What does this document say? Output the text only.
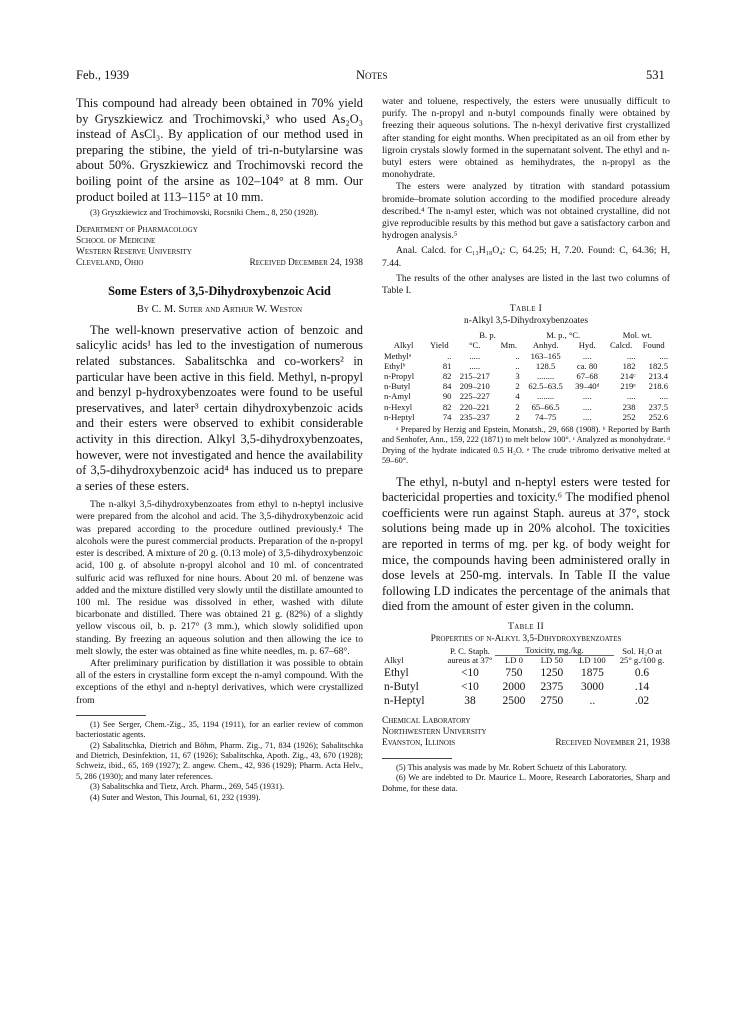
Feb., 1939	Notes	531

This compound had already been obtained in 70% yield by Gryszkiewicz and Trochimovski,³ who used As₂O₃ instead of AsCl₃. By application of our method used in preparing the stibine, the yield of tri-n-butylarsine was about 50%. Gryszkiewicz and Trochimovski record the boiling point of the arsine as 102–104° at 8 mm. Our product boiled at 113–115° at 10 mm.

(3) Gryszkiewicz and Trochimovski, Rocsniki Chem., 8, 250 (1928).

Department of Pharmacology
School of Medicine
Western Reserve University
Cleveland, Ohio	Received December 24, 1938
Some Esters of 3,5-Dihydroxybenzoic Acid
By C. M. Suter and Arthur W. Weston

The well-known preservative action of benzoic and salicylic acids¹ has led to the investigation of numerous related substances. Sabalitschka and co-workers² in particular have been active in this field. Methyl, n-propyl and benzyl p-hydroxybenzoates were found to be useful preservatives, and later³ certain dihydroxybenzoic acids and their esters were observed to exhibit considerable activity in this direction. Alkyl 3,5-dihydroxybenzoates, however, were not investigated and hence the availability of 3,5-dihydroxybenzoic acid⁴ has induced us to prepare a series of these esters.

The n-alkyl 3,5-dihydroxybenzoates from ethyl to n-heptyl inclusive were prepared from the alcohol and acid. The 3,5-dihydroxybenzoic acid was prepared according to the procedure outlined previously.⁴ The alcohols were the purest commercial products. Preparation of the n-propyl ester is described. A mixture of 20 g. (0.13 mole) of 3,5-dihydroxybenzoic acid, 100 g. of absolute n-propyl alcohol and 10 ml. of concentrated sulfuric acid was refluxed for nine hours. About 20 ml. of benzene was added and the mixture distilled very slowly until the distillate amounted to 100 ml. The residue was dissolved in ether, washed with dilute bicarbonate and distilled. There was obtained 21 g. (82%) of a slightly yellow viscous oil, b. p. 217° (3 mm.), which slowly solidified upon standing. By freezing an aqueous solution and then allowing the ice to melt slowly, the ester was obtained as fine white needles, m. p. 67–68°.

After preliminary purification by distillation it was possible to obtain all of the esters in crystalline form except the n-amyl compound. With the exceptions of the ethyl and n-heptyl derivatives, which were crystallized from

(1) See Serger, Chem.-Zig., 35, 1194 (1911), for an earlier review of common bacteriostatic agents.

(2) Sabalitschka, Dietrich and Böhm, Pharm. Zig., 71, 834 (1926); Sabalitschka and Dietrich, Desinfektion, 11, 67 (1926); Sabalitschka, Apoth. Zig., 43, 670 (1928); Schweiz, ibid., 65, 169 (1927); Z. angew. Chem., 42, 936 (1929); Pharm. Acta Helv., 5, 286 (1930); and many later references.

(3) Sabalitschka and Tietz, Arch. Pharm., 269, 545 (1931).

(4) Suter and Weston, This Journal, 61, 232 (1939).

water and toluene, respectively, the esters were unusually difficult to purify. The n-propyl and n-butyl compounds finally were obtained by freezing their aqueous solutions. The n-hexyl derivative first crystallized after standing for eight months. When precipitated as an oil from ether by ligroin crystals slowly formed in the supernatant solvent. The ethyl and n-butyl esters were obtained as hemihydrates, the n-propyl as the monohydrate.

The esters were analyzed by titration with standard potassium bromide–bromate solution according to the modified procedure already described.⁴ The n-amyl ester, which was not obtained crystalline, did not give reproducible results by this method but gave a satisfactory carbon and hydrogen analysis.⁵

Anal. Calcd. for C₁₃H₁₈O₄: C, 64.25; H, 7.20. Found: C, 64.36; H, 7.44.

The results of the other analyses are listed in the last two columns of Table I.

Table I
n-Alkyl 3,5-Dihydroxybenzoates
		B. p.		M. p., °C.		Mol. wt.	
Alkyl	Yield	°C.	Mm.	Anhyd.	Hyd.	Calcd.	Found
Methylᵃ	..	.....	..	163–165	....	....	....
Ethylᵇ	81	.....	..	128.5	ca. 80	182	182.5
n-Propyl	82	215–217	3	........	67–68	214ᶜ	213.4
n-Butyl	84	209–210	2	62.5–63.5	39–40ᵈ	219ᵉ	218.6
n-Amyl	90	225–227	4	........	....	....	....
n-Hexyl	82	220–221	2	65–66.5	....	238	237.5
n-Heptyl	74	235–237	2	74–75	....	252	252.6

ᵃ Prepared by Herzig and Epstein, Monatsh., 29, 668 (1908). ᵇ Reported by Barth and Senhofer, Ann., 159, 222 (1871) to melt below 100°. ᶜ Analyzed as monohydrate. ᵈ Drying of the hydrate indicated 0.5 H₂O. ᵉ The crude tribromo derivative melted at 59–60°.

The ethyl, n-butyl and n-heptyl esters were tested for bactericidal properties and toxicity.⁶ The modified phenol coefficients were run against Staph. aureus at 37°, stock solutions being made up in 20% alcohol. The toxicities are reported in terms of mg. per kg. of body weight for mice, the compounds having been administered orally in dose levels at 250-mg. intervals. In Table II the value following LD indicates the percentage of the animals that died from the amount of ester given in the column.

Table II
Properties of n-Alkyl 3,5-Dihydroxybenzoates
Alkyl	P. C. Staph. aureus at 37°	Toxicity, mg./kg.			Sol. H₂O at 25° g./100 g.
		LD 0	LD 50	LD 100	
Ethyl	<10	750	1250	1875	0.6
n-Butyl	<10	2000	2375	3000	.14
n-Heptyl	38	2500	2750	..	.02
Chemical Laboratory
Northwestern University
Evanston, Illinois	Received November 21, 1938

(5) This analysis was made by Mr. Robert Schuetz of this Laboratory.

(6) We are indebted to Dr. Maurice L. Moore, Research Laboratories, Sharp and Dohme, for these data.
